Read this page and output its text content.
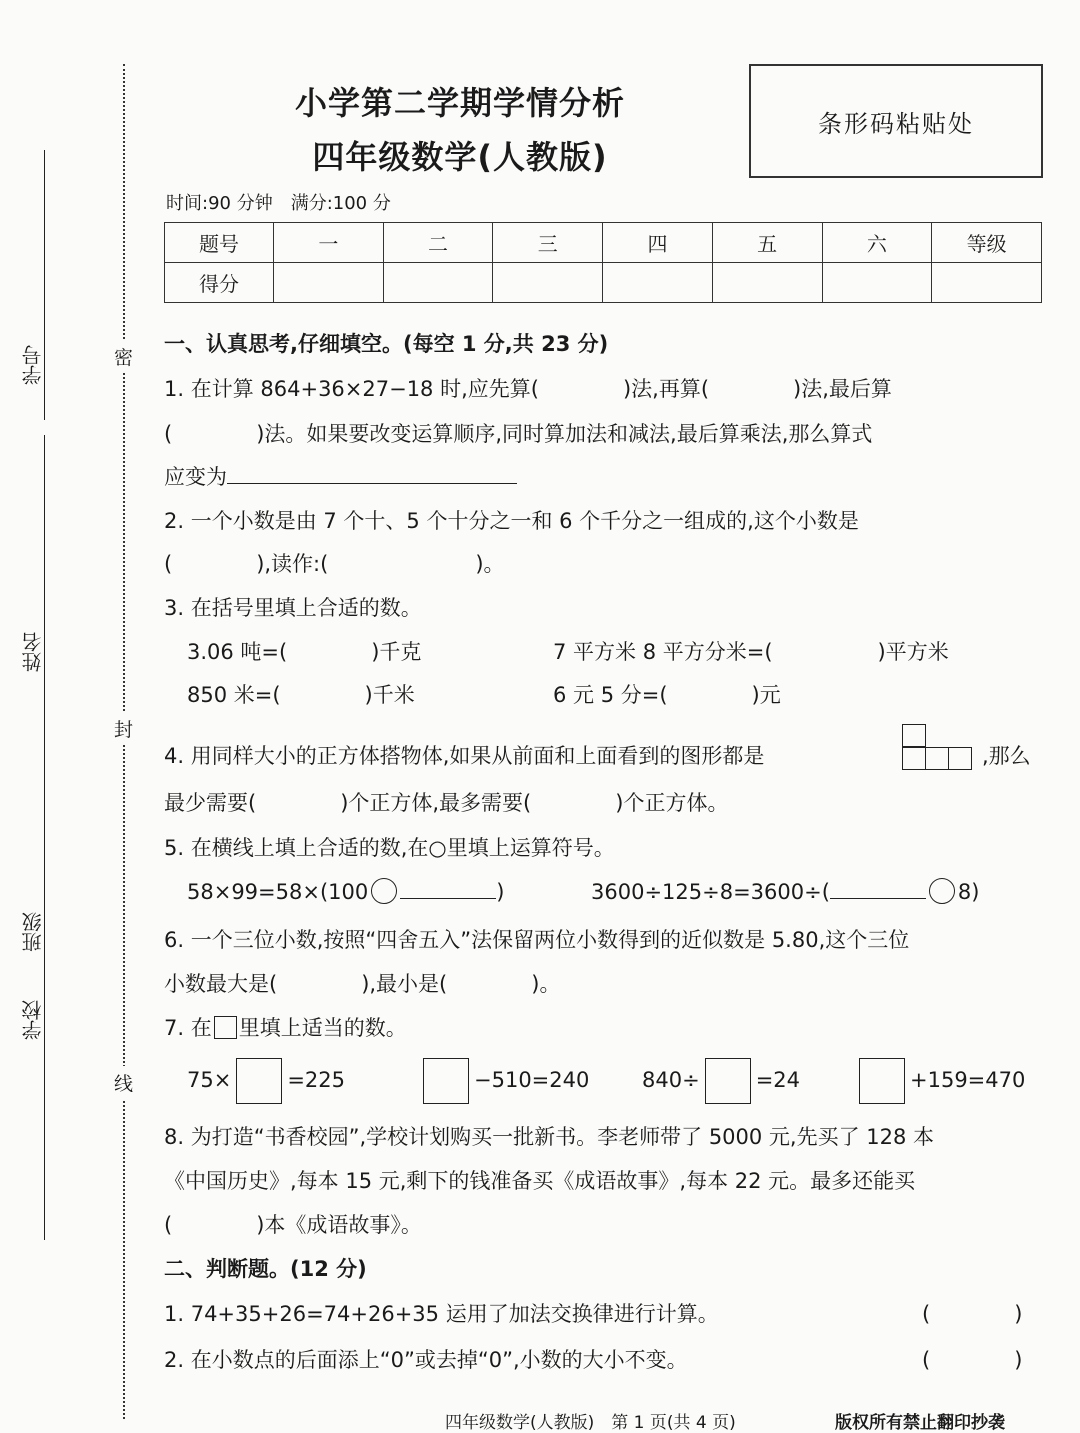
密
封
线
学号
姓名
班级
学校
小学第二学期学情分析
四年级数学(人教版)
条形码粘贴处
时间:90 分钟　满分:100 分
题号	一	二	三	四	五	六	等级
得分							
一、认真思考,仔细填空。(每空 1 分,共 23 分)
1. 在计算 864+36×27−18 时,应先算(　　　　)法,再算(　　　　)法,最后算
(　　　　)法。如果要改变运算顺序,同时算加法和减法,最后算乘法,那么算式
应变为
2. 一个小数是由 7 个十、5 个十分之一和 6 个千分之一组成的,这个小数是
(　　　　),读作:(　　　　　　　)。
3. 在括号里填上合适的数。
3.06 吨=(　　　　)千克	7 平方米 8 平方分米=(　　　　　)平方米
850 米=(　　　　)千米	6 元 5 分=(　　　　)元
4. 用同样大小的正方体搭物体,如果从前面和上面看到的图形都是	,那么
最少需要(　　　　)个正方体,最多需要(　　　　)个正方体。
5. 在横线上填上合适的数,在○里填上运算符号。
58×99=58×(100	)	3600÷125÷8=3600÷(	8)
6. 一个三位小数,按照“四舍五入”法保留两位小数得到的近似数是 5.80,这个三位
小数最大是(　　　　),最小是(　　　　)。
7. 在 里填上适当的数。
75×	=225	−510=240	840÷	=24	+159=470
8. 为打造“书香校园”,学校计划购买一批新书。李老师带了 5000 元,先买了 128 本
《中国历史》,每本 15 元,剩下的钱准备买《成语故事》,每本 22 元。最多还能买
(　　　　)本《成语故事》。
二、判断题。(12 分)
1. 74+35+26=74+26+35 运用了加法交换律进行计算。	(　　　　)
2. 在小数点的后面添上“0”或去掉“0”,小数的大小不变。	(　　　　)
四年级数学(人教版)　第 1 页(共 4 页)	版权所有禁止翻印抄袭
